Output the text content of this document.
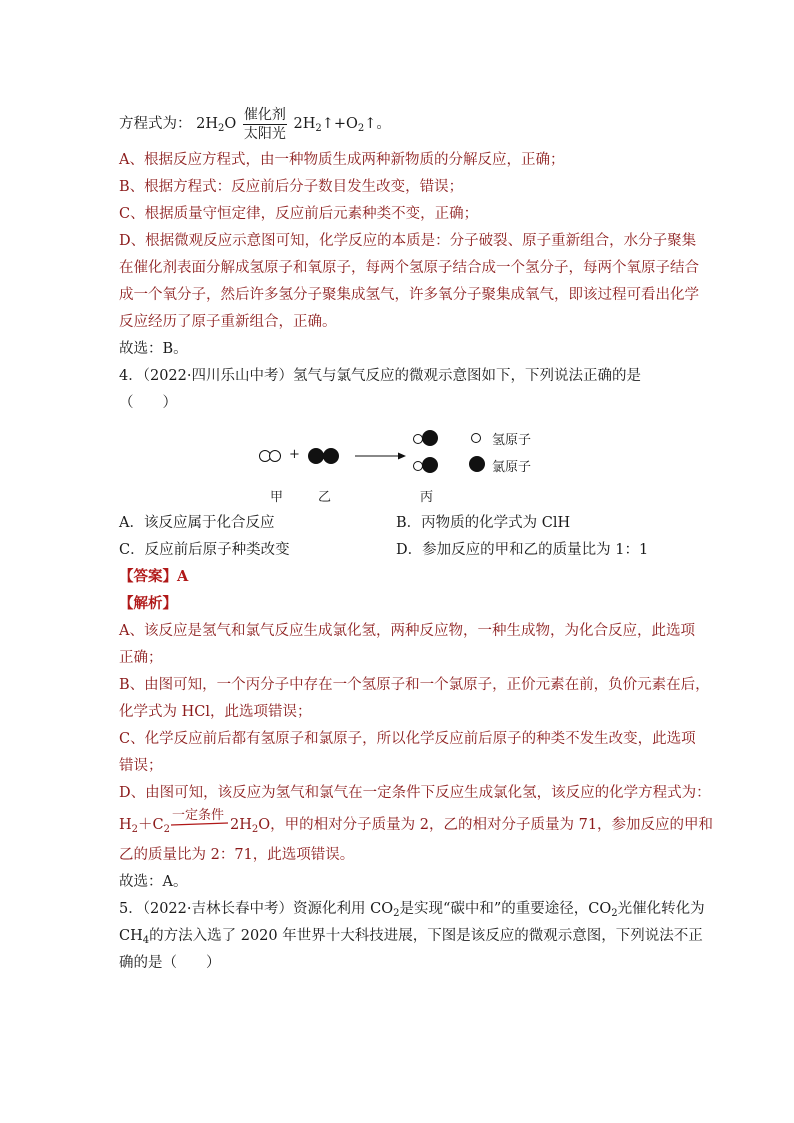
方程式为： $2H_2O \frac{\text{催化剂}}{\text{太阳光}}$ $2H_2↑+O_2↑$。
A、根据反应方程式，由一种物质生成两种新物质的分解反应，正确；
B、根据方程式：反应前后分子数目发生改变，错误；
C、根据质量守恒定律，反应前后元素种类不变，正确；
D、根据微观反应示意图可知，化学反应的本质是：分子破裂、原子重新组合，水分子聚集
在催化剂表面分解成氢原子和氧原子，每两个氢原子结合成一个氢分子，每两个氧原子结合
成一个氧分子，然后许多氢分子聚集成氢气，许多氧分子聚集成氧气，即该过程可看出化学
反应经历了原子重新组合，正确。
故选：B。
4．（2022·四川乐山中考）氢气与氯气反应的微观示意图如下，下列说法正确的是
（　　）
+
氢原子
氯原子
甲	乙	丙
A．该反应属于化合反应	B．丙物质的化学式为 ClH
C．反应前后原子种类改变	D．参加反应的甲和乙的质量比为 1：1
【答案】A
【解析】
A、该反应是氢气和氯气反应生成氯化氢，两种反应物，一种生成物，为化合反应，此选项
正确；
B、由图可知，一个丙分子中存在一个氢原子和一个氯原子，正价元素在前，负价元素在后，
化学式为 HCl，此选项错误；
C、化学反应前后都有氢原子和氯原子，所以化学反应前后原子的种类不发生改变，此选项
错误；
D、由图可知，该反应为氢气和氯气在一定条件下反应生成氯化氢，该反应的化学方程式为：
$H_2+C_2$
一定条件
$2H_2O$，甲的相对分子质量为 2，乙的相对分子质量为 71，参加反应的甲和
乙的质量比为 2：71，此选项错误。
故选：A。
5．（2022·吉林长春中考）资源化利用 $CO_2$是实现“碳中和”的重要途径，$CO_2$光催化转化为
$CH_4$的方法入选了 2020 年世界十大科技进展，下图是该反应的微观示意图，下列说法不正
确的是（　　）
